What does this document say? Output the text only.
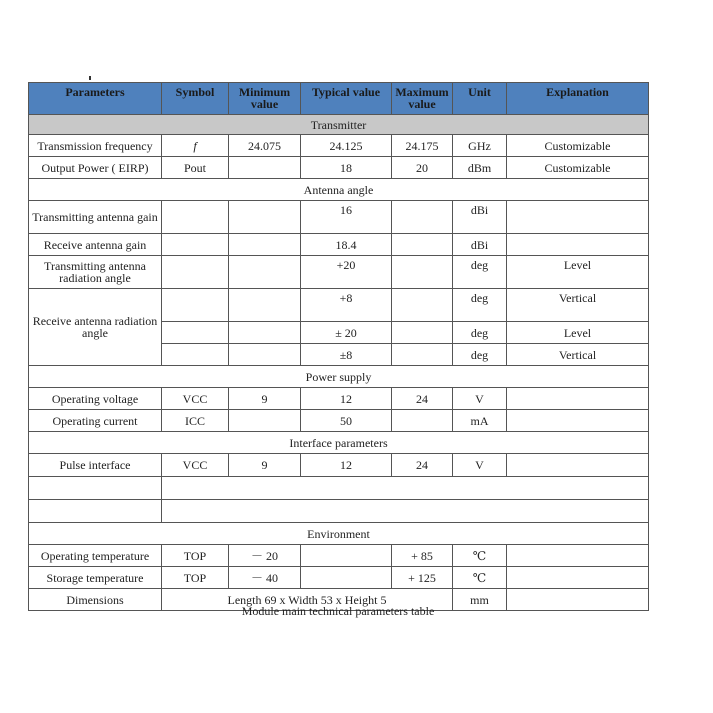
Parameters	Symbol	Minimum value	Typical value	Maximum value	Unit	Explanation
Transmitter						
Transmission frequency	f	24.075	24.125	24.175	GHz	Customizable
Output Power ( EIRP)	Pout		18	20	dBm	Customizable
Antenna angle						
Transmitting antenna gain			16		dBi	
Receive antenna gain			18.4		dBi	
Transmitting antenna radiation angle			+20		deg	Level
Receive antenna radiation angle			+8		deg	Vertical
			± 20		deg	Level
			±8		deg	Vertical
Power supply						
Operating voltage	VCC	9	12	24	V	
Operating current	ICC		50		mA	
Interface parameters						
Pulse interface	VCC	9	12	24	V	

Environment						
Operating temperature	TOP	－ 20		+ 85	℃	
Storage temperature	TOP	－ 40		+ 125	℃	
Dimensions	Length 69 x Width 53 x Height 5				mm	
Module main technical parameters table
